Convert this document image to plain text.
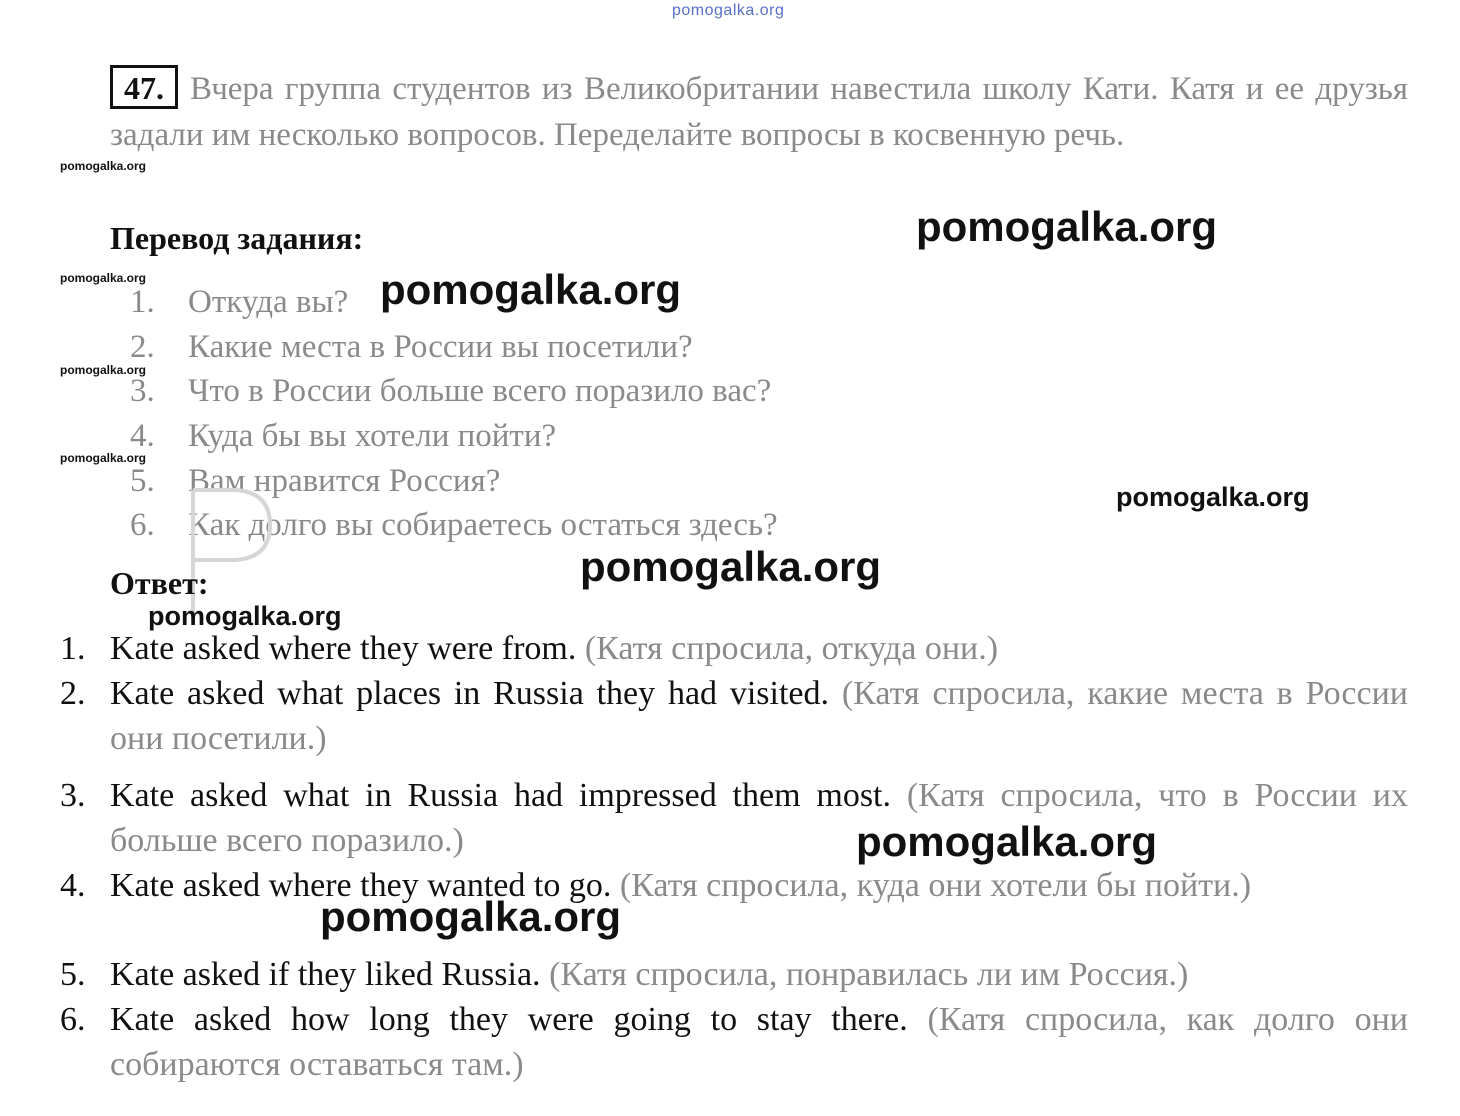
pomogalka.org
Вчера группа студентов из Великобритании навестила школу Кати. Катя и ее друзья задали им несколько вопросов. Переделайте вопросы в косвенную речь.
47.
Перевод задания:
1. Откуда вы?
2. Какие места в России вы посетили?
3. Что в России больше всего поразило вас?
4. Куда бы вы хотели пойти?
5. Вам нравится Россия?
6. Как долго вы собираетесь остаться здесь?
Ответ:
1. Kate asked where they were from. (Катя спросила, откуда они.)
2. Kate asked what places in Russia they had visited. (Катя спросила, какие места в России они посетили.)
3. Kate asked what in Russia had impressed them most. (Катя спросила, что в России их больше всего поразило.)
4. Kate asked where they wanted to go. (Катя спросила, куда они хотели бы пойти.)
5. Kate asked if they liked Russia. (Катя спросила, понравилась ли им Россия.)
6. Kate asked how long they were going to stay there. (Катя спросила, как долго они собираются оставаться там.)
pomogalka.org
pomogalka.org
pomogalka.org
pomogalka.org
pomogalka.org
pomogalka.org
pomogalka.org
pomogalka.org
pomogalka.org
pomogalka.org
pomogalka.org
